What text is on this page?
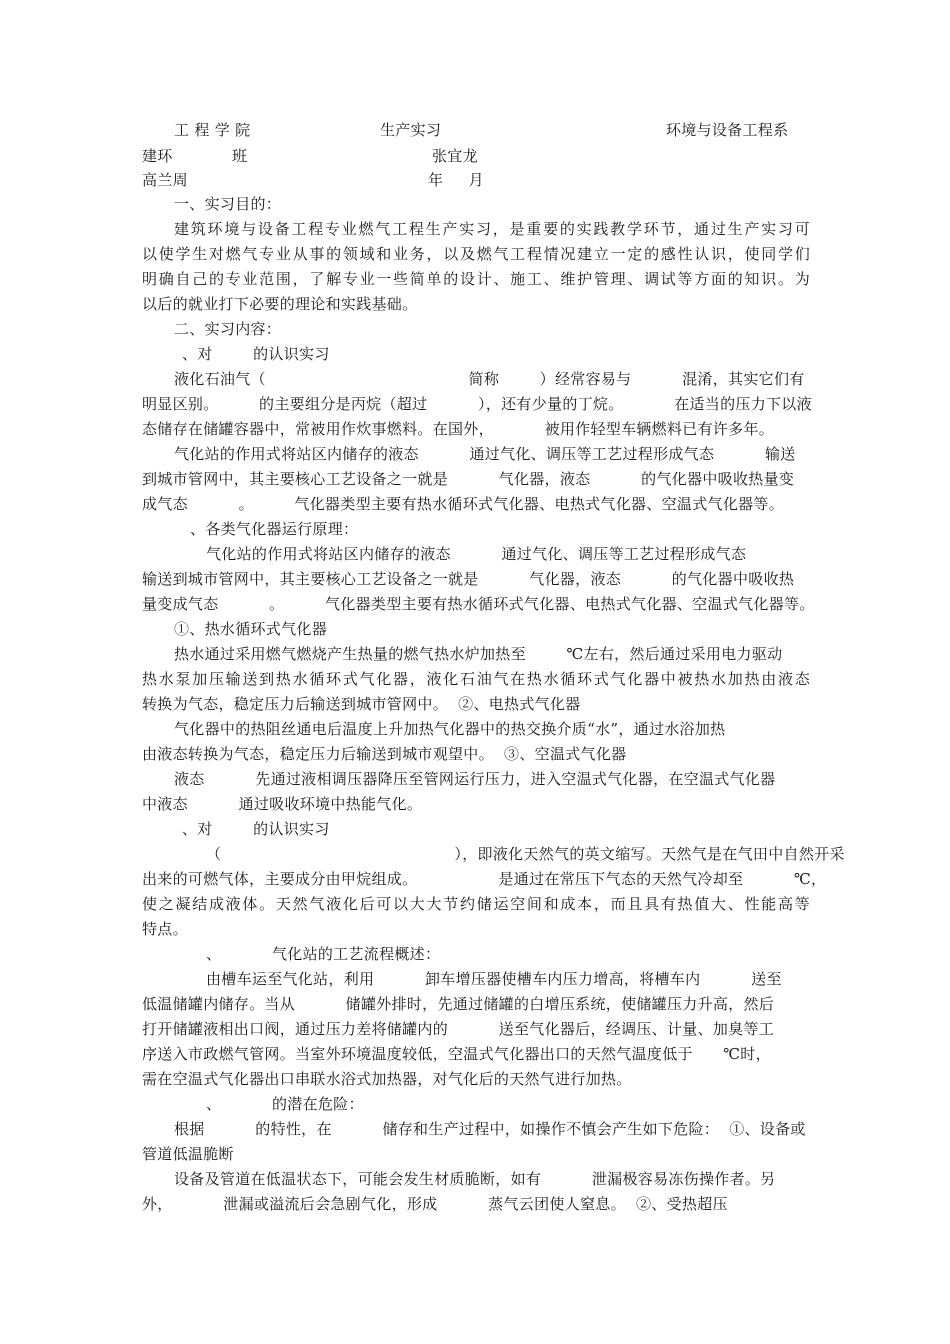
工 程 学 院	生产实习	环境与设备工程系
建环	班	张宜龙
高兰周	年     月
一、实习目的：
建筑环境与设备工程专业燃气工程生产实习，是重要的实践教学环节，通过生产实习可
以使学生对燃气专业从事的领域和业务，以及燃气工程情况建立一定的感性认识，使同学们
明确自己的专业范围，了解专业一些简单的设计、施工、维护管理、调试等方面的知识。为
以后的就业打下必要的理论和实践基础。
二、实习内容：
、对        的认识实习
液化石油气（                                        简称        ）经常容易与          混淆，其实它们有
明显区别。        的主要组分是丙烷（超过          ），还有少量的丁烷。          在适当的压力下以液
态储存在储罐容器中，常被用作炊事燃料。在国外，          被用作轻型车辆燃料已有许多年。
气化站的作用式将站区内储存的液态          通过气化、调压等工艺过程形成气态          输送
到城市管网中，其主要核心工艺设备之一就是          气化器，液态          的气化器中吸收热量变
成气态          。        气化器类型主要有热水循环式气化器、电热式气化器、空温式气化器等。
、各类气化器运行原理：
气化站的作用式将站区内储存的液态          通过气化、调压等工艺过程形成气态
输送到城市管网中，其主要核心工艺设备之一就是          气化器，液态          的气化器中吸收热
量变成气态          。        气化器类型主要有热水循环式气化器、电热式气化器、空温式气化器等。
①、热水循环式气化器
热水通过采用燃气燃烧产生热量的燃气热水炉加热至        ℃左右，然后通过采用电力驱动
热水泵加压输送到热水循环式气化器，液化石油气在热水循环式气化器中被热水加热由液态
转换为气态，稳定压力后输送到城市管网中。  ②、电热式气化器
气化器中的热阻丝通电后温度上升加热气化器中的热交换介质“水”，通过水浴加热
由液态转换为气态，稳定压力后输送到城市观望中。  ③、空温式气化器
液态          先通过液相调压器降压至管网运行压力，进入空温式气化器，在空温式气化器
中液态          通过吸收环境中热能气化。
、对        的认识实习
（                                              ），即液化天然气的英文缩写。天然气是在气田中自然开采
出来的可燃气体，主要成分由甲烷组成。                是通过在常压下气态的天然气冷却至          ℃，
使之凝结成液体。天然气液化后可以大大节约储运空间和成本，而且具有热值大、性能高等
特点。
、          气化站的工艺流程概述：
由槽车运至气化站，利用          卸车增压器使槽车内压力增高，将槽车内          送至
低温储罐内储存。当从          储罐外排时，先通过储罐的白增压系统，使储罐压力升高，然后
打开储罐液相出口阀，通过压力差将储罐内的          送至气化器后，经调压、计量、加臭等工
序送入市政燃气管网。当室外环境温度较低，空温式气化器出口的天然气温度低于      ℃时，
需在空温式气化器出口串联水浴式加热器，对气化后的天然气进行加热。
、          的潜在危险：
根据          的特性，在          储存和生产过程中，如操作不慎会产生如下危险：  ①、设备或
管道低温脆断
设备及管道在低温状态下，可能会发生材质脆断，如有          泄漏极容易冻伤操作者。另
外，          泄漏或溢流后会急剧气化，形成          蒸气云团使人窒息。  ②、受热超压
